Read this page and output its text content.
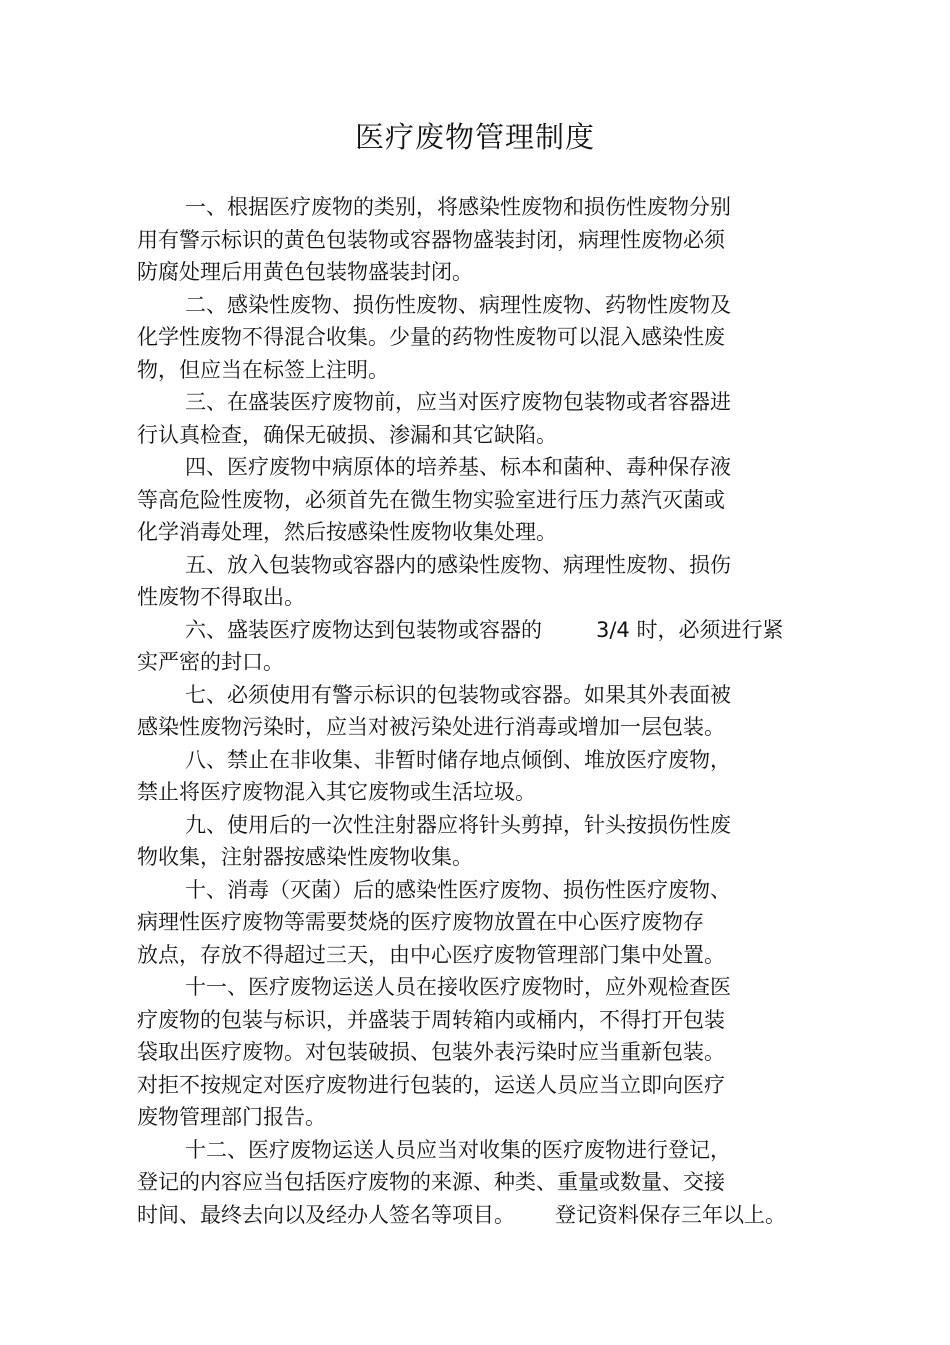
医疗废物管理制度
一、根据医疗废物的类别，将感染性废物和损伤性废物分别
用有警示标识的黄色包装物或容器物盛装封闭，病理性废物必须
防腐处理后用黄色包装物盛装封闭。
二、感染性废物、损伤性废物、病理性废物、药物性废物及
化学性废物不得混合收集。少量的药物性废物可以混入感染性废
物，但应当在标签上注明。
三、在盛装医疗废物前，应当对医疗废物包装物或者容器进
行认真检查，确保无破损、渗漏和其它缺陷。
四、医疗废物中病原体的培养基、标本和菌种、毒种保存液
等高危险性废物，必须首先在微生物实验室进行压力蒸汽灭菌或
化学消毒处理，然后按感染性废物收集处理。
五、放入包装物或容器内的感染性废物、病理性废物、损伤
性废物不得取出。
六、盛装医疗废物达到包装物或容器的	3/4 时，必须进行紧
实严密的封口。
七、必须使用有警示标识的包装物或容器。如果其外表面被
感染性废物污染时，应当对被污染处进行消毒或增加一层包装。
八、禁止在非收集、非暂时储存地点倾倒、堆放医疗废物，
禁止将医疗废物混入其它废物或生活垃圾。
九、使用后的一次性注射器应将针头剪掉，针头按损伤性废
物收集，注射器按感染性废物收集。
十、消毒（灭菌）后的感染性医疗废物、损伤性医疗废物、
病理性医疗废物等需要焚烧的医疗废物放置在中心医疗废物存
放点，存放不得超过三天，由中心医疗废物管理部门集中处置。
十一、医疗废物运送人员在接收医疗废物时，应外观检查医
疗废物的包装与标识，并盛装于周转箱内或桶内，不得打开包装
袋取出医疗废物。对包装破损、包装外表污染时应当重新包装。
对拒不按规定对医疗废物进行包装的，运送人员应当立即向医疗
废物管理部门报告。
十二、医疗废物运送人员应当对收集的医疗废物进行登记，
登记的内容应当包括医疗废物的来源、种类、重量或数量、交接
时间、最终去向以及经办人签名等项目。 登记资料保存三年以上。
